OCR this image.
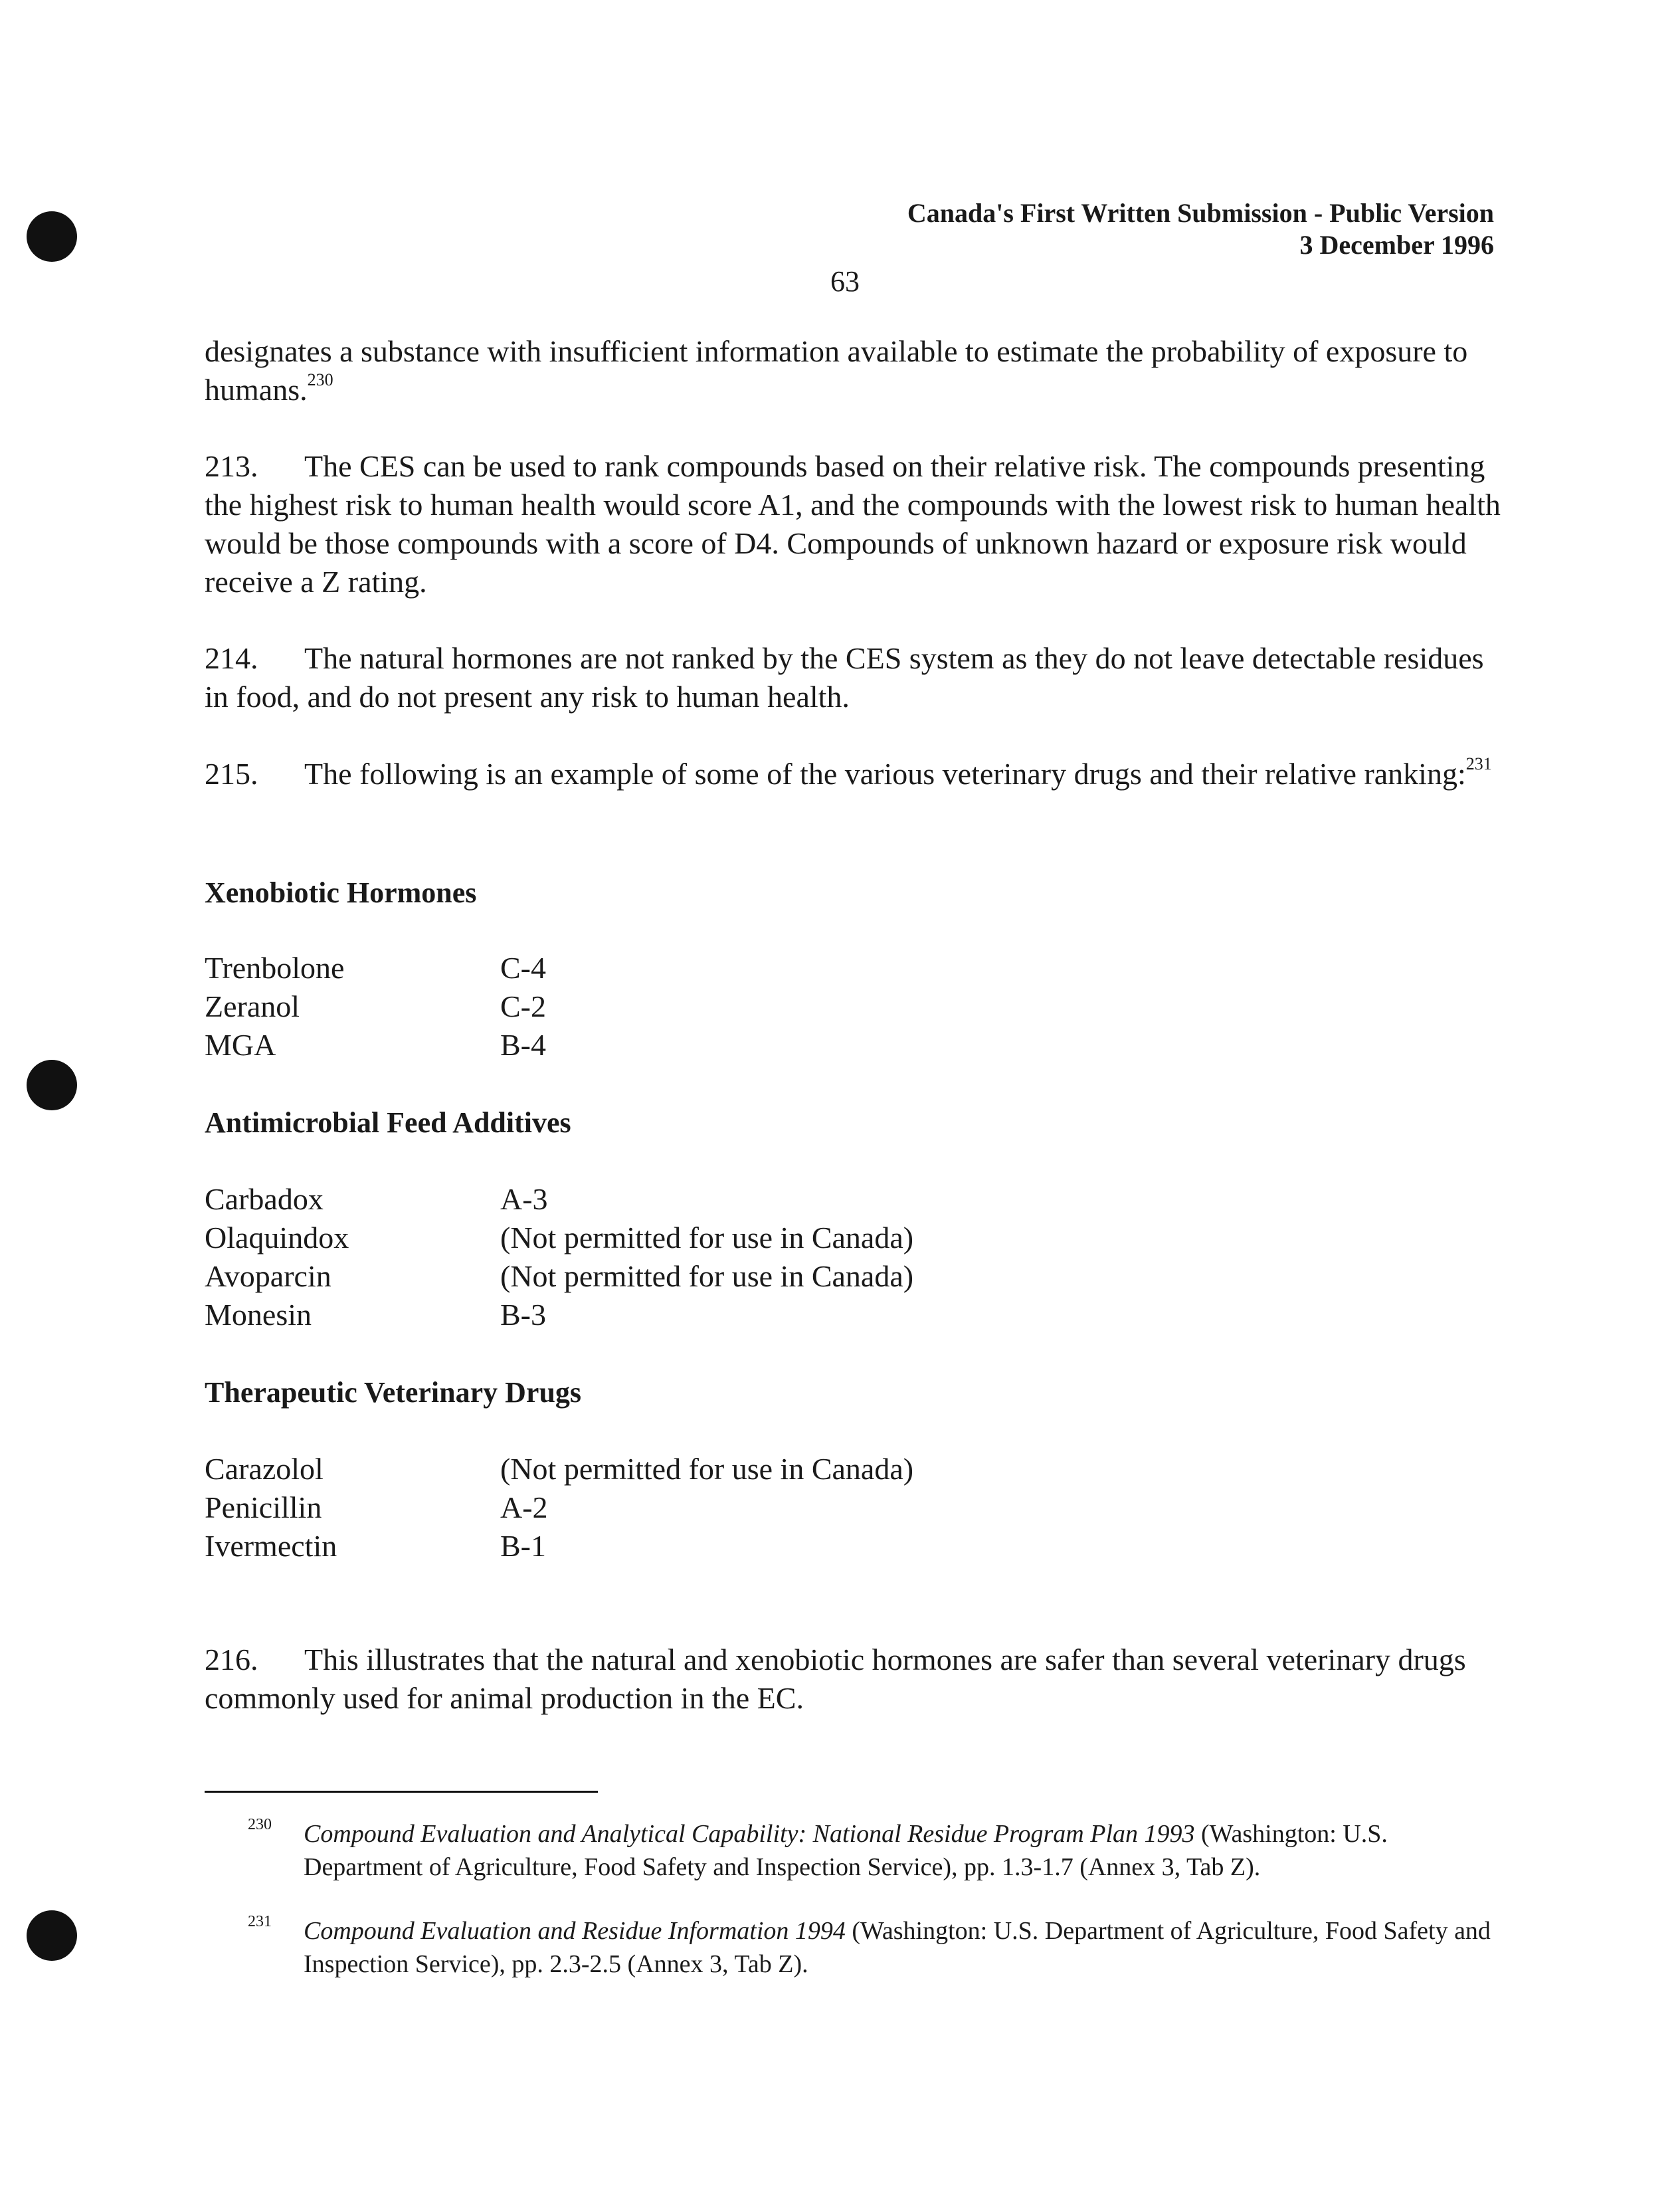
Canada's First Written Submission - Public Version
3 December 1996
63

designates a substance with insufficient information available to estimate the probability of exposure to humans.$^{230}$

213. The CES can be used to rank compounds based on their relative risk. The compounds presenting the highest risk to human health would score A1, and the compounds with the lowest risk to human health would be those compounds with a score of D4. Compounds of unknown hazard or exposure risk would receive a Z rating.

214. The natural hormones are not ranked by the CES system as they do not leave detectable residues in food, and do not present any risk to human health.

215. The following is an example of some of the various veterinary drugs and their relative ranking:$^{231}$

Xenobiotic Hormones
Trenbolone	C-4
Zeranol	C-2
MGA	B-4
Antimicrobial Feed Additives
Carbadox	A-3
Olaquindox	(Not permitted for use in Canada)
Avoparcin	(Not permitted for use in Canada)
Monesin	B-3
Therapeutic Veterinary Drugs
Carazolol	(Not permitted for use in Canada)
Penicillin	A-2
Ivermectin	B-1

216. This illustrates that the natural and xenobiotic hormones are safer than several veterinary drugs commonly used for animal production in the EC.

230	Compound Evaluation and Analytical Capability: National Residue Program Plan 1993 (Washington: U.S. Department of Agriculture, Food Safety and Inspection Service), pp. 1.3-1.7 (Annex 3, Tab Z).
231	Compound Evaluation and Residue Information 1994 (Washington: U.S. Department of Agriculture, Food Safety and Inspection Service), pp. 2.3-2.5 (Annex 3, Tab Z).
